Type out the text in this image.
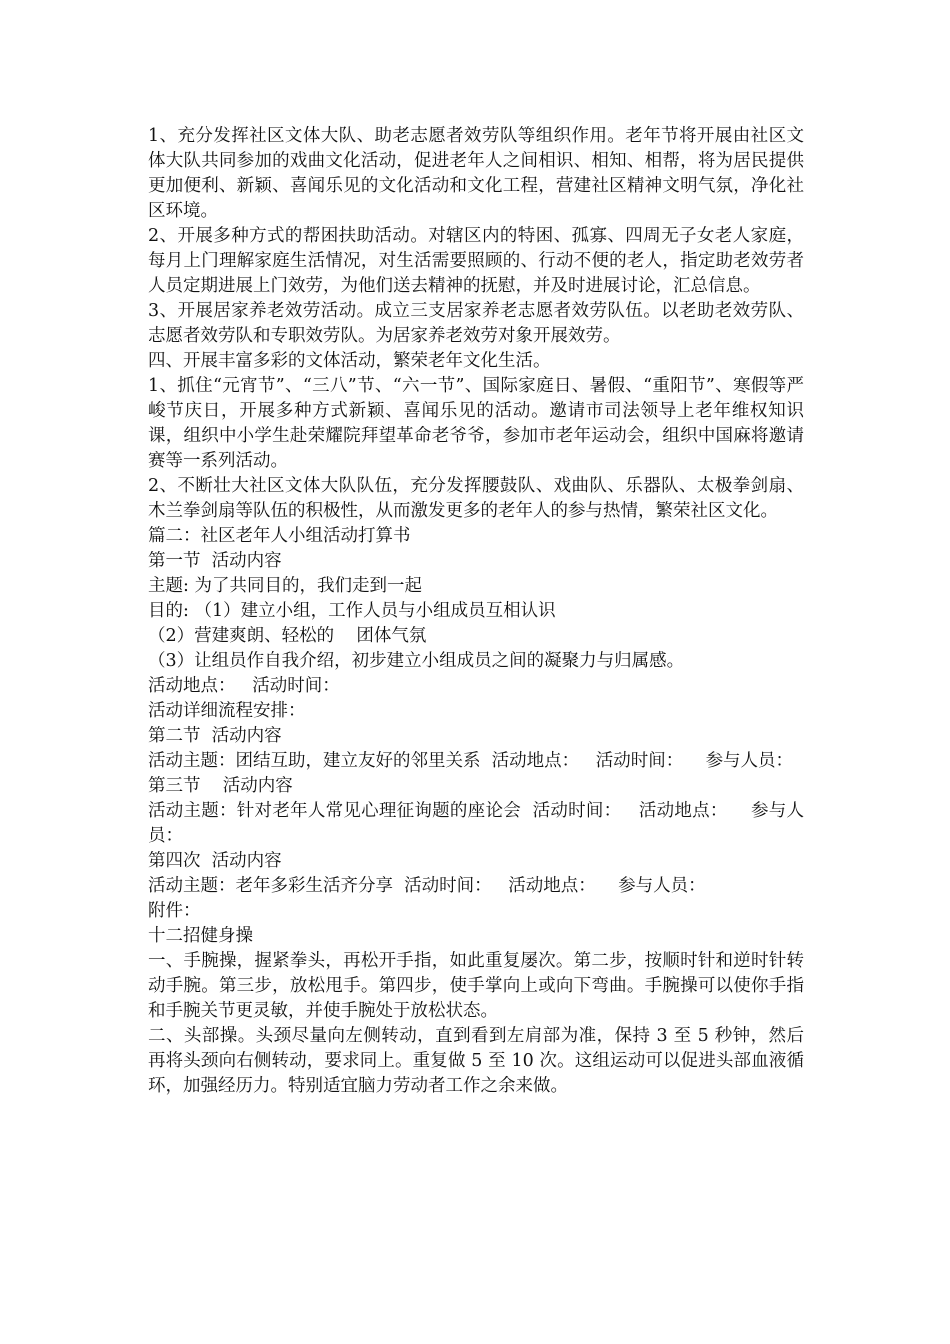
1、充分发挥社区文体大队、助老志愿者效劳队等组织作用。老年节将开展由社区文体大队共同参加的戏曲文化活动，促进老年人之间相识、相知、相帮，将为居民提供更加便利、新颖、喜闻乐见的文化活动和文化工程，营建社区精神文明气氛，净化社区环境。

2、开展多种方式的帮困扶助活动。对辖区内的特困、孤寡、四周无子女老人家庭，每月上门理解家庭生活情况，对生活需要照顾的、行动不便的老人，指定助老效劳者人员定期进展上门效劳，为他们送去精神的抚慰，并及时进展讨论，汇总信息。

3、开展居家养老效劳活动。成立三支居家养老志愿者效劳队伍。以老助老效劳队、志愿者效劳队和专职效劳队。为居家养老效劳对象开展效劳。

四、开展丰富多彩的文体活动，繁荣老年文化生活。

1、抓住“元宵节”、“三八”节、“六一节”、国际家庭日、暑假、“重阳节”、寒假等严峻节庆日，开展多种方式新颖、喜闻乐见的活动。邀请市司法领导上老年维权知识课，组织中小学生赴荣耀院拜望革命老爷爷，参加市老年运动会，组织中国麻将邀请赛等一系列活动。

2、不断壮大社区文体大队队伍，充分发挥腰鼓队、戏曲队、乐器队、太极拳剑扇、木兰拳剑扇等队伍的积极性，从而激发更多的老年人的参与热情，繁荣社区文化。

篇二：社区老年人小组活动打算书

第一节  活动内容

主题: 为了共同目的，我们走到一起

目的: （1）建立小组，工作人员与小组成员互相认识

（2）营建爽朗、轻松的    团体气氛

（3）让组员作自我介绍，初步建立小组成员之间的凝聚力与归属感。

活动地点：   活动时间：

活动详细流程安排：

第二节  活动内容

活动主题：团结互助，建立友好的邻里关系  活动地点：   活动时间：    参与人员：

第三节    活动内容

活动主题：针对老年人常见心理征询题的座论会  活动时间：   活动地点：    参与人员：

第四次  活动内容

活动主题：老年多彩生活齐分享  活动时间：   活动地点：    参与人员：

附件：

十二招健身操

一、手腕操，握紧拳头，再松开手指，如此重复屡次。第二步，按顺时针和逆时针转动手腕。第三步，放松甩手。第四步，使手掌向上或向下弯曲。手腕操可以使你手指和手腕关节更灵敏，并使手腕处于放松状态。

二、头部操。头颈尽量向左侧转动，直到看到左肩部为准，保持 3 至 5 秒钟，然后再将头颈向右侧转动，要求同上。重复做 5 至 10 次。这组运动可以促进头部血液循环，加强经历力。特别适宜脑力劳动者工作之余来做。
